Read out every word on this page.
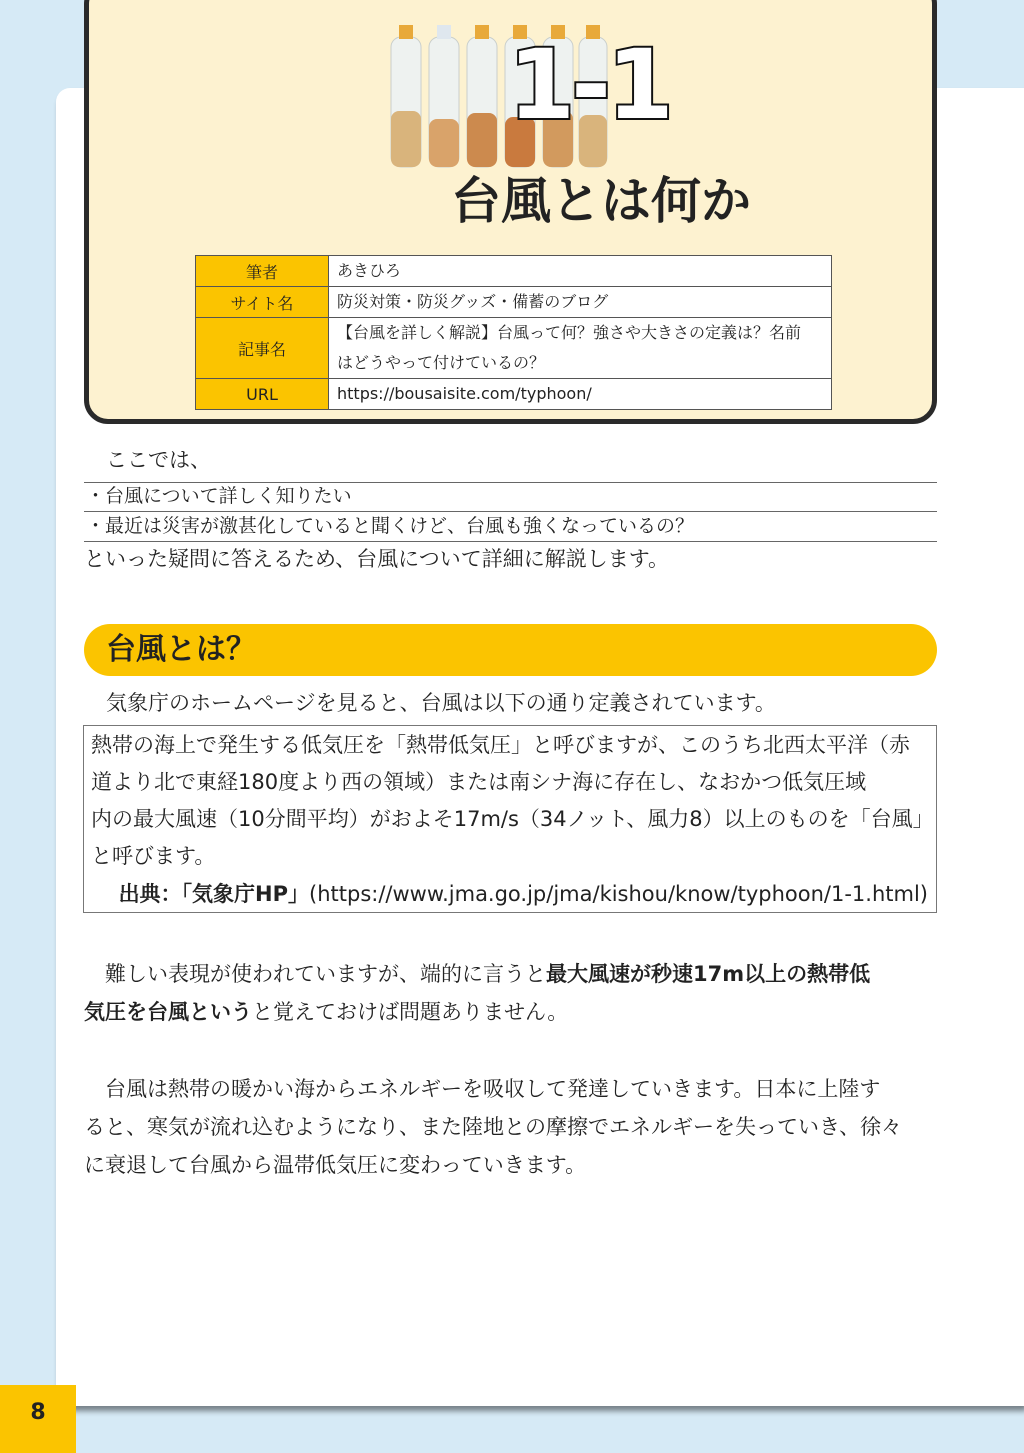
1-1
台風とは何か
筆者	あきひろ
サイト名	防災対策・防災グッズ・備蓄のブログ
記事名	【台風を詳しく解説】台風って何？強さや大きさの定義は？名前
はどうやって付けているの？

URL	https://bousaisite.com/typhoon/
ここでは、
・台風について詳しく知りたい
・最近は災害が激甚化していると聞くけど、台風も強くなっているの？
といった疑問に答えるため、台風について詳細に解説します。
台風とは？
気象庁のホームページを見ると、台風は以下の通り定義されています。
熱帯の海上で発生する低気圧を「熱帯低気圧」と呼びますが、このうち北西太平洋（赤
道より北で東経180度より西の領域）または南シナ海に存在し、なおかつ低気圧域
内の最大風速（10分間平均）がおよそ17m/s（34ノット、風力8）以上のものを「台風」
と呼びます。
出典：「気象庁HP」(https://www.jma.go.jp/jma/kishou/know/typhoon/1-1.html)
　難しい表現が使われていますが、端的に言うと最大風速が秒速17m以上の熱帯低
気圧を台風というと覚えておけば問題ありません。
　台風は熱帯の暖かい海からエネルギーを吸収して発達していきます。日本に上陸す
ると、寒気が流れ込むようになり、また陸地との摩擦でエネルギーを失っていき、徐々
に衰退して台風から温帯低気圧に変わっていきます。
8
